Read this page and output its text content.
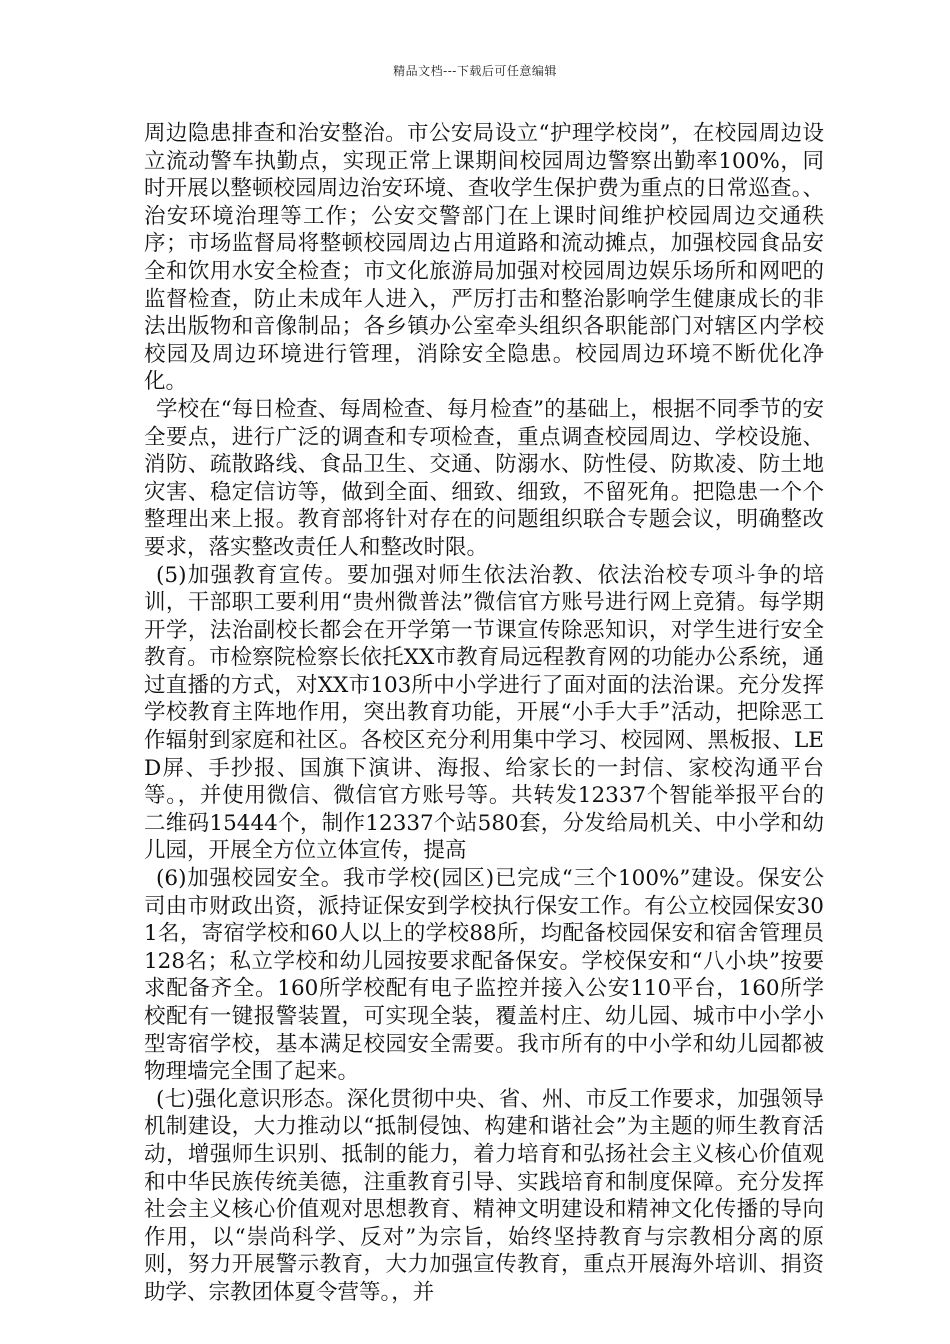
精品文档---下载后可任意编辑

周边隐患排查和治安整治。市公安局设立“护理学校岗”，在校园周边设立流动警车执勤点，实现正常上课期间校园周边警察出勤率100%，同时开展以整顿校园周边治安环境、查收学生保护费为重点的日常巡查。、治安环境治理等工作；公安交警部门在上课时间维护校园周边交通秩序；市场监督局将整顿校园周边占用道路和流动摊点，加强校园食品安全和饮用水安全检查；市文化旅游局加强对校园周边娱乐场所和网吧的监督检查，防止未成年人进入，严厉打击和整治影响学生健康成长的非法出版物和音像制品；各乡镇办公室牵头组织各职能部门对辖区内学校校园及周边环境进行管理，消除安全隐患。校园周边环境不断优化净化。

学校在“每日检查、每周检查、每月检查”的基础上，根据不同季节的安全要点，进行广泛的调查和专项检查，重点调查校园周边、学校设施、消防、疏散路线、食品卫生、交通、防溺水、防性侵、防欺凌、防土地灾害、稳定信访等，做到全面、细致、细致，不留死角。把隐患一个个整理出来上报。教育部将针对存在的问题组织联合专题会议，明确整改要求，落实整改责任人和整改时限。

(5)加强教育宣传。要加强对师生依法治教、依法治校专项斗争的培训，干部职工要利用“贵州微普法”微信官方账号进行网上竞猜。每学期开学，法治副校长都会在开学第一节课宣传除恶知识，对学生进行安全教育。市检察院检察长依托XX市教育局远程教育网的功能办公系统，通过直播的方式，对XX市103所中小学进行了面对面的法治课。充分发挥学校教育主阵地作用，突出教育功能，开展“小手大手”活动，把除恶工作辐射到家庭和社区。各校区充分利用集中学习、校园网、黑板报、LED屏、手抄报、国旗下演讲、海报、给家长的一封信、家校沟通平台等。，并使用微信、微信官方账号等。共转发12337个智能举报平台的二维码15444个，制作12337个站580套，分发给局机关、中小学和幼儿园，开展全方位立体宣传，提高

(6)加强校园安全。我市学校(园区)已完成“三个100%”建设。保安公司由市财政出资，派持证保安到学校执行保安工作。有公立校园保安301名，寄宿学校和60人以上的学校88所，均配备校园保安和宿舍管理员128名；私立学校和幼儿园按要求配备保安。学校保安和“八小块”按要求配备齐全。160所学校配有电子监控并接入公安110平台，160所学校配有一键报警装置，可实现全装，覆盖村庄、幼儿园、城市中小学小型寄宿学校，基本满足校园安全需要。我市所有的中小学和幼儿园都被物理墙完全围了起来。

(七)强化意识形态。深化贯彻中央、省、州、市反工作要求，加强领导机制建设，大力推动以“抵制侵蚀、构建和谐社会”为主题的师生教育活动，增强师生识别、抵制的能力，着力培育和弘扬社会主义核心价值观和中华民族传统美德，注重教育引导、实践培育和制度保障。充分发挥社会主义核心价值观对思想教育、精神文明建设和精神文化传播的导向作用，以“崇尚科学、反对”为宗旨，始终坚持教育与宗教相分离的原则，努力开展警示教育，大力加强宣传教育，重点开展海外培训、捐资助学、宗教团体夏令营等。，并
